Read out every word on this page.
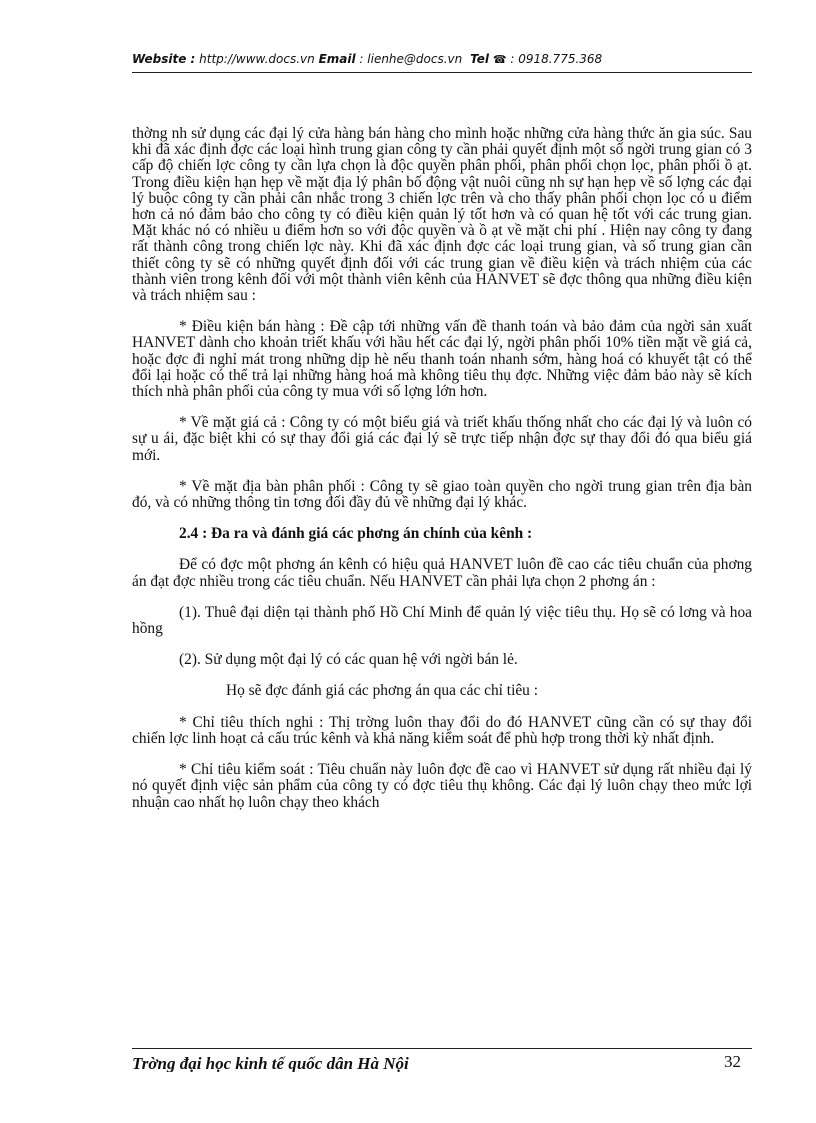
Website : http://www.docs.vn Email : lienhe@docs.vn Tel ☎ : 0918.775.368

thờng nh sử dụng các đại lý cửa hàng bán hàng cho mình hoặc những cửa hàng thức ăn gia súc. Sau khi đã xác định đợc các loại hình trung gian công ty cần phải quyết định một số ngời trung gian có 3 cấp độ chiến lợc công ty cần lựa chọn là độc quyền phân phối, phân phối chọn lọc, phân phối ồ ạt. Trong điều kiện hạn hẹp về mặt địa lý phân bố động vật nuôi cũng nh sự hạn hẹp về số lợng các đại lý buộc công ty cần phải cân nhắc trong 3 chiến lợc trên và cho thấy phân phối chọn lọc có u điểm hơn cả nó đảm bảo cho công ty có điều kiện quản lý tốt hơn và có quan hệ tốt với các trung gian. Mặt khác nó có nhiều u điểm hơn so với độc quyền và ồ ạt về mặt chi phí . Hiện nay công ty đang rất thành công trong chiến lợc này. Khi đã xác định đợc các loại trung gian, và số trung gian cần thiết công ty sẽ có những quyết định đối với các trung gian về điều kiện và trách nhiệm của các thành viên trong kênh đối với một thành viên kênh của HANVET sẽ đợc thông qua những điều kiện và trách nhiệm sau :

* Điều kiện bán hàng : Đề cập tới những vấn đề thanh toán và bảo đảm của ngời sản xuất HANVET dành cho khoản triết khấu với hầu hết các đại lý, ngời phân phối 10% tiền mặt về giá cả, hoặc đợc đi nghỉ mát trong những dịp hè nếu thanh toán nhanh sớm, hàng hoá có khuyết tật có thể đổi lại hoặc có thể trả lại những hàng hoá mà không tiêu thụ đợc. Những việc đảm bảo này sẽ kích thích nhà phân phối của công ty mua với số lợng lớn hơn.

* Về mặt giá cả : Công ty có một biểu giá và triết khấu thống nhất cho các đại lý và luôn có sự u ái, đặc biệt khi có sự thay đổi giá các đại lý sẽ trực tiếp nhận đợc sự thay đổi đó qua biểu giá mới.

* Về mặt địa bàn phân phối : Công ty sẽ giao toàn quyền cho ngời trung gian trên địa bàn đó, và có những thông tin tơng đối đầy đủ về những đại lý khác.

2.4 : Đa ra và đánh giá các phơng án chính của kênh :

Để có đợc một phơng án kênh có hiệu quả HANVET luôn đề cao các tiêu chuẩn của phơng án đạt đợc nhiều trong các tiêu chuẩn. Nếu HANVET cần phải lựa chọn 2 phơng án :

(1). Thuê đại diện tại thành phố Hồ Chí Minh để quản lý việc tiêu thụ. Họ sẽ có lơng và hoa hồng

(2). Sử dụng một đại lý có các quan hệ với ngời bán lẻ.

Họ sẽ đợc đánh giá các phơng án qua các chỉ tiêu :

* Chỉ tiêu thích nghi : Thị trờng luôn thay đổi do đó HANVET cũng cần có sự thay đổi chiến lợc linh hoạt cả cấu trúc kênh và khả năng kiểm soát để phù hợp trong thời kỳ nhất định.

* Chỉ tiêu kiểm soát : Tiêu chuẩn này luôn đợc đề cao vì HANVET sử dụng rất nhiều đại lý nó quyết định việc sản phẩm của công ty có đợc tiêu thụ không. Các đại lý luôn chạy theo mức lợi nhuận cao nhất họ luôn chạy theo khách

Trờng đại học kinh tế quốc dân Hà Nội	32
